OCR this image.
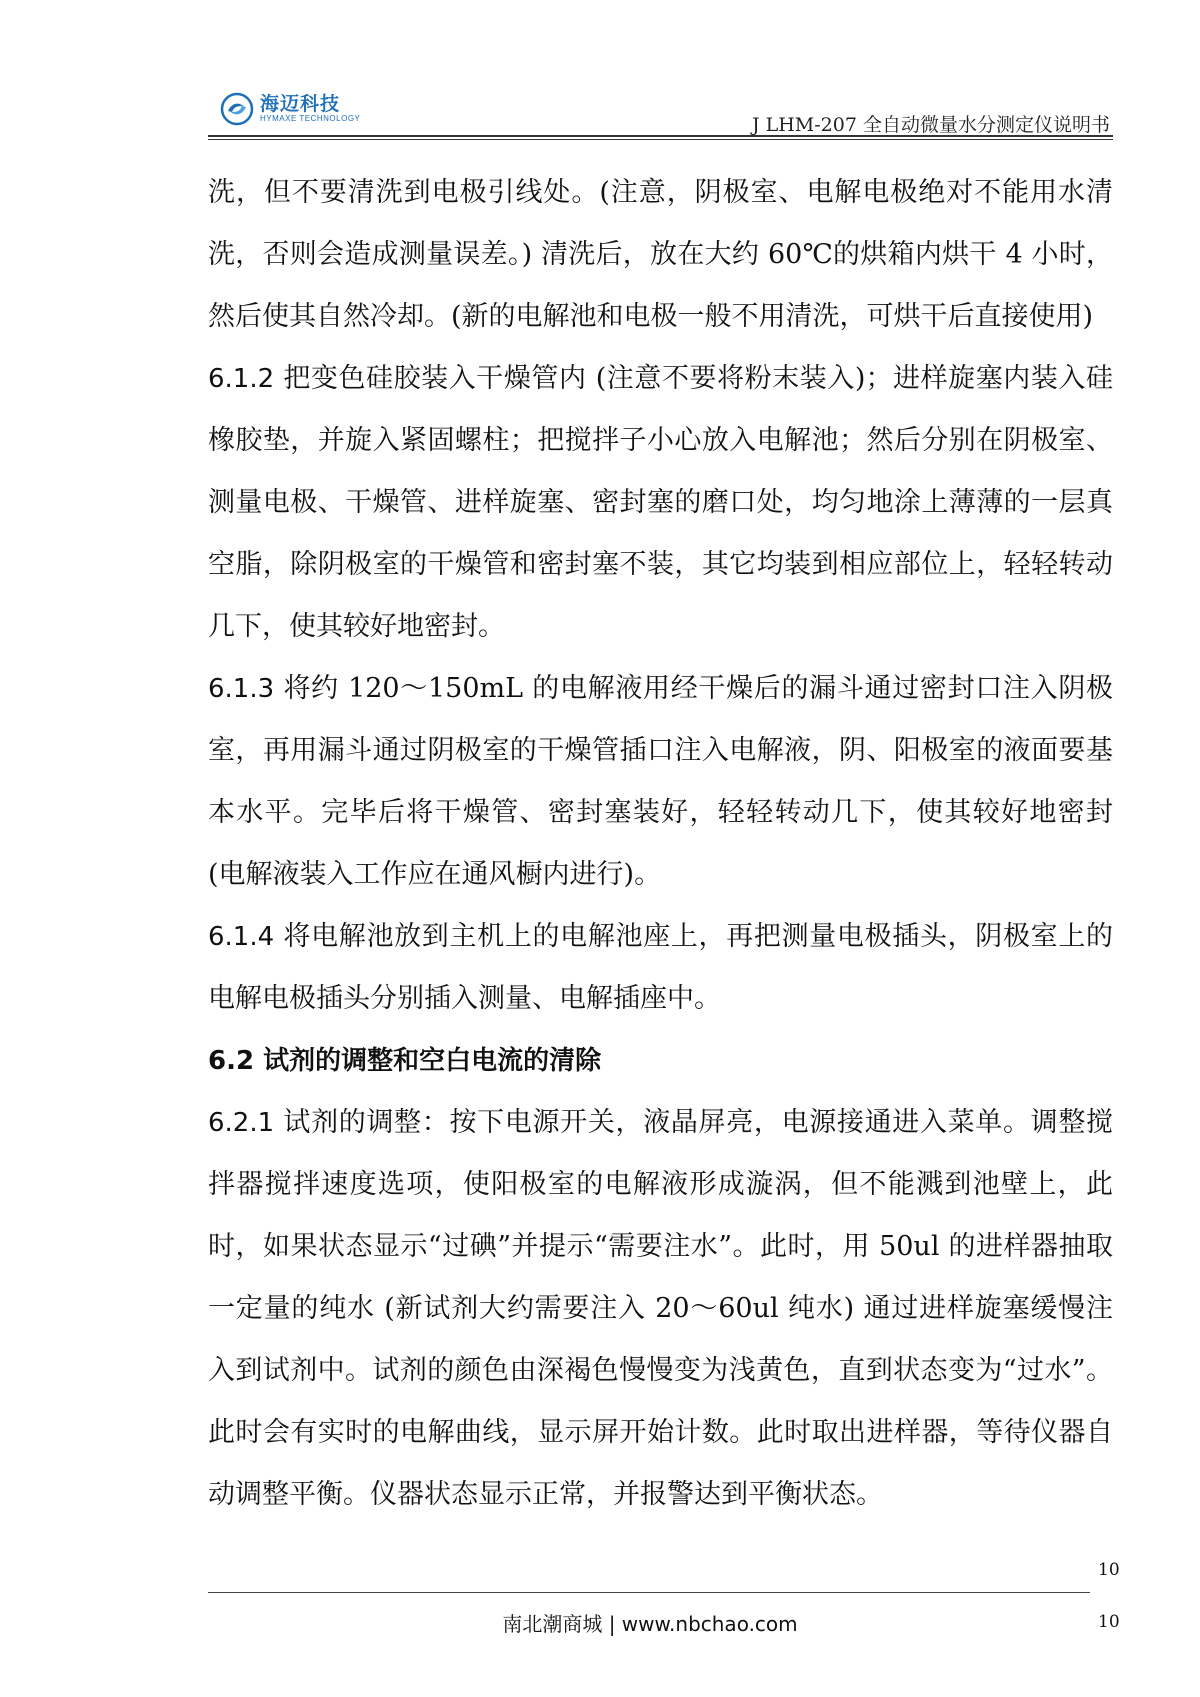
海迈科技
HYMAXE TECHNOLOGY	J LHM-207 全自动微量水分测定仪说明书

洗，但不要清洗到电极引线处。(注意，阴极室、电解电极绝对不能用水清洗，否则会造成测量误差。) 清洗后，放在大约 60℃的烘箱内烘干 4 小时，然后使其自然冷却。(新的电解池和电极一般不用清洗，可烘干后直接使用)

6.1.2 把变色硅胶装入干燥管内 (注意不要将粉末装入)；进样旋塞内装入硅橡胶垫，并旋入紧固螺柱；把搅拌子小心放入电解池；然后分别在阴极室、测量电极、干燥管、进样旋塞、密封塞的磨口处，均匀地涂上薄薄的一层真空脂，除阴极室的干燥管和密封塞不装，其它均装到相应部位上，轻轻转动几下，使其较好地密封。

6.1.3 将约 120～150mL 的电解液用经干燥后的漏斗通过密封口注入阴极室，再用漏斗通过阴极室的干燥管插口注入电解液，阴、阳极室的液面要基本水平。完毕后将干燥管、密封塞装好，轻轻转动几下，使其较好地密封 (电解液装入工作应在通风橱内进行)。

6.1.4 将电解池放到主机上的电解池座上，再把测量电极插头，阴极室上的电解电极插头分别插入测量、电解插座中。

6.2 试剂的调整和空白电流的清除

6.2.1 试剂的调整：按下电源开关，液晶屏亮，电源接通进入菜单。调整搅拌器搅拌速度选项，使阳极室的电解液形成漩涡，但不能溅到池壁上，此时，如果状态显示“过碘”并提示“需要注水”。此时，用 50ul 的进样器抽取一定量的纯水 (新试剂大约需要注入 20～60ul 纯水) 通过进样旋塞缓慢注入到试剂中。试剂的颜色由深褐色慢慢变为浅黄色，直到状态变为“过水”。此时会有实时的电解曲线，显示屏开始计数。此时取出进样器，等待仪器自动调整平衡。仪器状态显示正常，并报警达到平衡状态。

10
南北潮商城 | www.nbchao.com	10
